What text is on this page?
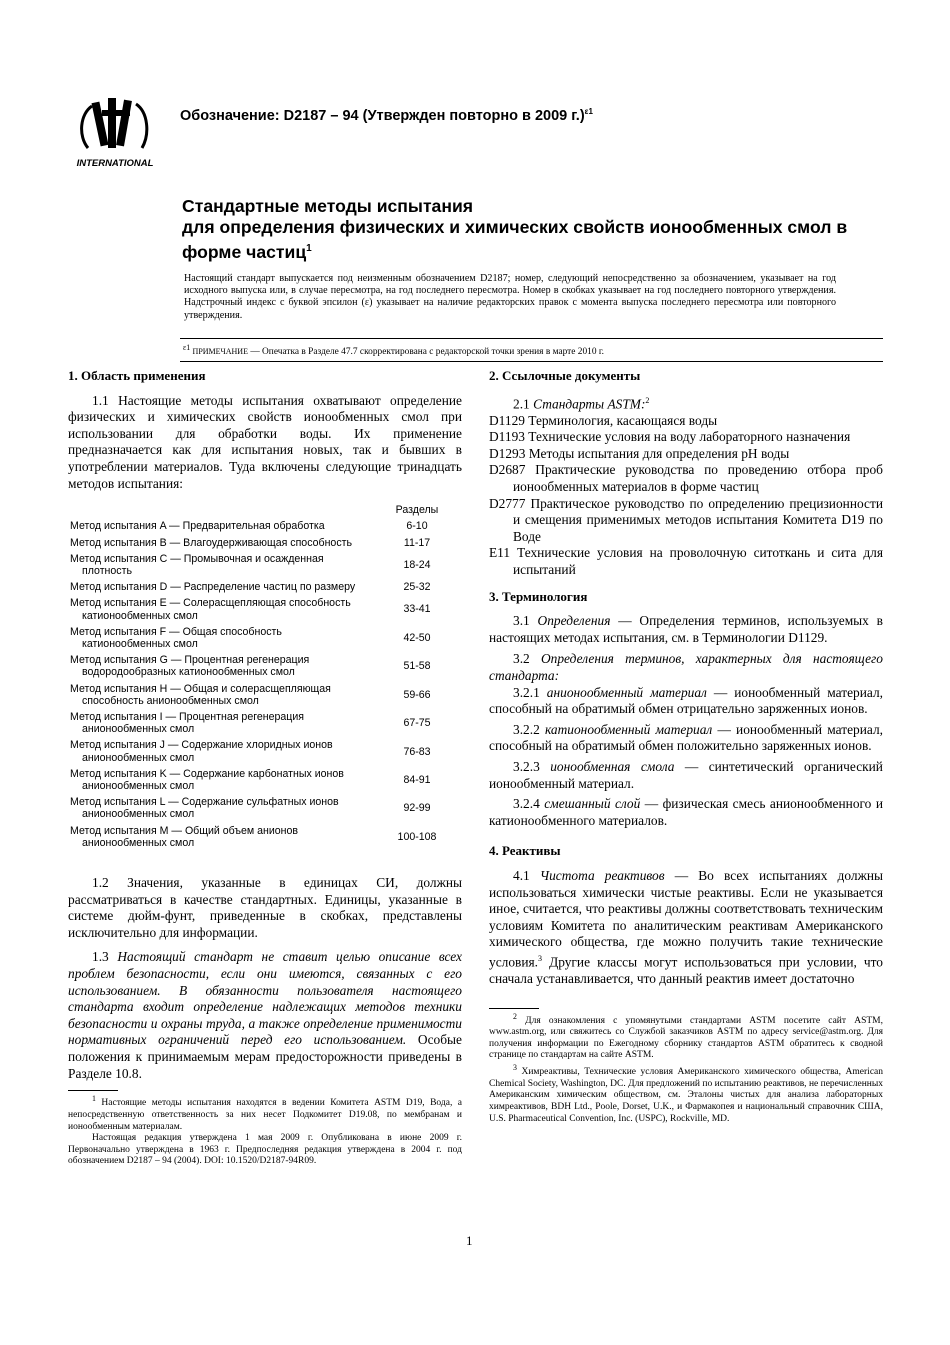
INTERNATIONAL
Обозначение: D2187 – 94 (Утвержден повторно в 2009 г.)$^{\varepsilon 1}$
Стандартные методы испытания
для определения физических и химических свойств ионообменных смол в форме частиц$^1$
Настоящий стандарт выпускается под неизменным обозначением D2187; номер, следующий непосредственно за обозначением, указывает на год исходного выпуска или, в случае пересмотра, на год последнего пересмотра. Номер в скобках указывает на год последнего повторного утверждения. Надстрочный индекс с буквой эпсилон (ε) указывает на наличие редакторских правок с момента выпуска последнего пересмотра или повторного утверждения.
$^{\varepsilon 1}$ ПРИМЕЧАНИЕ — Опечатка в Разделе 47.7 скорректирована с редакторской точки зрения в марте 2010 г.
1. Область применения

1.1 Настоящие методы испытания охватывают определение физических и химических свойств ионообменных смол при использовании для обработки воды. Их применение предназначается как для испытания новых, так и бывших в употреблении материалов. Туда включены следующие тринадцать методов испытания:

	Разделы
Метод испытания A — Предварительная обработка	6-10
Метод испытания B — Влагоудерживающая способность	11-17
Метод испытания C — Промывочная и осажденная
плотность	18-24
Метод испытания D — Распределение частиц по размеру	25-32
Метод испытания E — Солерасщепляющая способность
катионообменных смол	33-41
Метод испытания F — Общая способность
катионообменных смол	42-50
Метод испытания G — Процентная регенерация
водородообразных катионообменных смол	51-58
Метод испытания H — Общая и солерасщепляющая
способность анионообменных смол	59-66
Метод испытания I — Процентная регенерация
анионообменных смол	67-75
Метод испытания J — Содержание хлоридных ионов
анионообменных смол	76-83
Метод испытания K — Содержание карбонатных ионов
анионообменных смол	84-91
Метод испытания L — Содержание сульфатных ионов
анионообменных смол	92-99
Метод испытания M — Общий объем анионов
анионообменных смол	100-108

1.2 Значения, указанные в единицах СИ, должны рассматриваться в качестве стандартных. Единицы, указанные в системе дюйм-фунт, приведенные в скобках, представлены исключительно для информации.

1.3 Настоящий стандарт не ставит целью описание всех проблем безопасности, если они имеются, связанных с его использованием. В обязанности пользователя настоящего стандарта входит определение надлежащих методов техники безопасности и охраны труда, а также определение применимости нормативных ограничений перед его использованием. Особые положения к принимаемым мерам предосторожности приведены в Разделе 10.8.

$^1$ Настоящие методы испытания находятся в ведении Комитета ASTM D19, Вода, а непосредственную ответственность за них несет Подкомитет D19.08, по мембранам и ионообменным материалам.

Настоящая редакция утверждена 1 мая 2009 г. Опубликована в июне 2009 г. Первоначально утверждена в 1963 г. Предпоследняя редакция утверждена в 2004 г. под обозначением D2187 – 94 (2004). DOI: 10.1520/D2187-94R09.

2. Ссылочные документы

2.1 Стандарты ASTM:$^2$

D1129 Терминология, касающаяся воды
D1193 Технические условия на воду лабораторного назначения
D1293 Методы испытания для определения pH воды
D2687 Практические руководства по проведению отбора проб ионообменных материалов в форме частиц
D2777 Практическое руководство по определению прецизионности и смещения применимых методов испытания Комитета D19 по Воде
E11 Технические условия на проволочную ситоткань и сита для испытаний
3. Терминология

3.1 Определения — Определения терминов, используемых в настоящих методах испытания, см. в Терминологии D1129.

3.2 Определения терминов, характерных для настоящего стандарта:

3.2.1 анионообменный материал — ионообменный материал, способный на обратимый обмен отрицательно заряженных ионов.

3.2.2 катионообменный материал — ионообменный материал, способный на обратимый обмен положительно заряженных ионов.

3.2.3 ионообменная смола — синтетический органический ионообменный материал.

3.2.4 смешанный слой — физическая смесь анионообменного и катионообменного материалов.

4. Реактивы

4.1 Чистота реактивов — Во всех испытаниях должны использоваться химически чистые реактивы. Если не указывается иное, считается, что реактивы должны соответствовать техническим условиям Комитета по аналитическим реактивам Американского химического общества, где можно получить такие технические условия.$^3$ Другие классы могут использоваться при условии, что сначала устанавливается, что данный реактив имеет достаточно

$^2$ Для ознакомления с упомянутыми стандартами ASTM посетите сайт ASTM, www.astm.org, или свяжитесь со Службой заказчиков ASTM по адресу service@astm.org. Для получения информации по Ежегодному сборнику стандартов ASTM обратитесь к сводной странице по стандартам на сайте ASTM.

$^3$ Химреактивы, Технические условия Американского химического общества, American Chemical Society, Washington, DC. Для предложений по испытанию реактивов, не перечисленных Американским химическим обществом, см. Эталоны чистых для анализа лабораторных химреактивов, BDH Ltd., Poole, Dorset, U.K., и Фармакопея и национальный справочник США, U.S. Pharmaceutical Convention, Inc. (USPC), Rockville, MD.

1
